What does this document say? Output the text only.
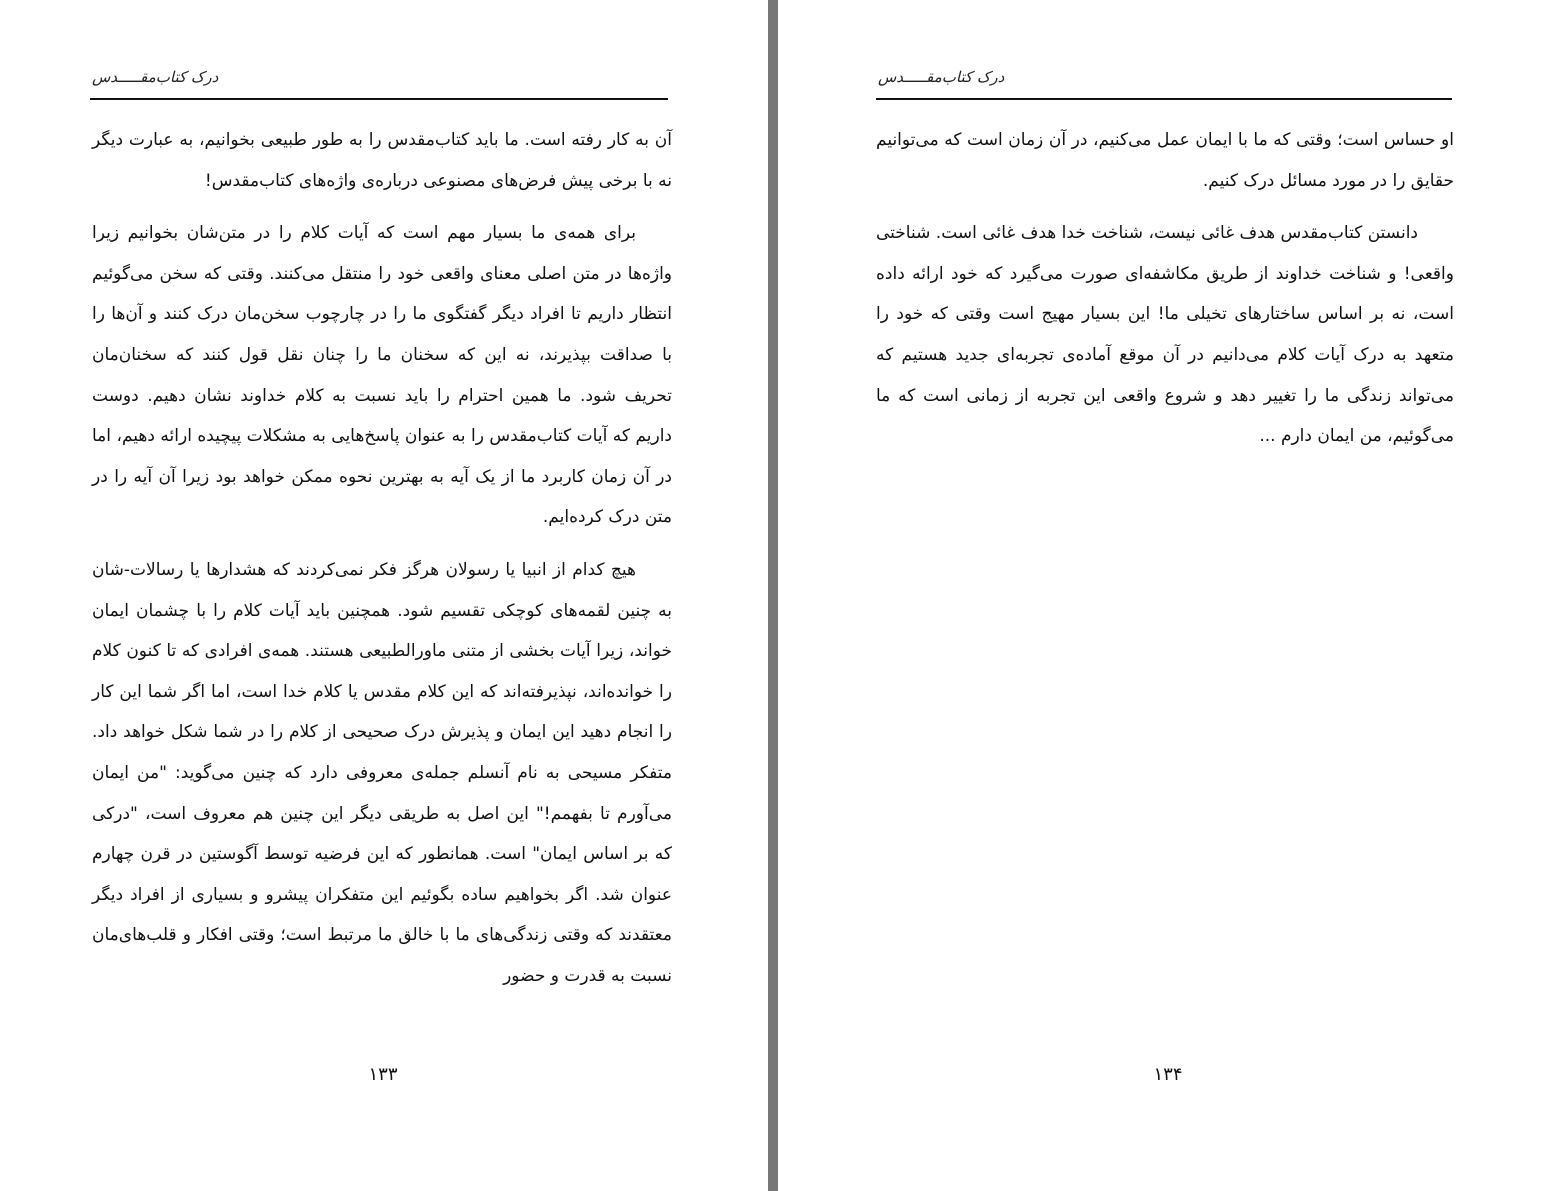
درک کتاب‌مقـــــدس

آن به کار رفته است. ما باید کتاب‌مقدس را به طور طبیعی بخوانیم، به عبارت دیگر نه با برخی پیش فرض‌های مصنوعی درباره‌ی واژه‌های کتاب‌مقدس!

برای همه‌ی ما بسیار مهم است که آیات کلام را در متن‌شان بخوانیم زیرا واژه‌ها در متن اصلی معنای واقعی خود را منتقل می‌کنند. وقتی که سخن می‌گوئیم انتظار داریم تا افراد دیگر گفتگوی ما را در چارچوب سخن‌مان درک کنند و آن‌ها را با صداقت بپذیرند، نه این که سخنان ما را چنان نقل قول کنند که سخنان‌مان تحریف شود. ما همین احترام را باید نسبت به کلام خداوند نشان دهیم. دوست داریم که آیات کتاب‌مقدس را به عنوان پاسخ‌هایی به مشکلات پیچیده ارائه دهیم، اما در آن زمان کاربرد ما از یک آیه به بهترین نحوه ممکن خواهد بود زیرا آن آیه را در متن درک کرده‌ایم.

هیچ کدام از انبیا یا رسولان هرگز فکر نمی‌کردند که هشدارها یا رسالات-شان به چنین لقمه‌های کوچکی تقسیم شود. همچنین باید آیات کلام را با چشمان ایمان خواند، زیرا آیات بخشی از متنی ماورالطبیعی هستند. همه‌ی افرادی که تا کنون کلام را خوانده‌اند، نپذیرفته‌اند که این کلام مقدس یا کلام خدا است، اما اگر شما این کار را انجام دهید این ایمان و پذیرش درک صحیحی از کلام را در شما شکل خواهد داد. متفکر مسیحی به نام آنسلم جمله‌ی معروفی دارد که چنین می‌گوید: "من ایمان می‌آورم تا بفهمم!" این اصل به طریقی دیگر این چنین هم معروف است، "درکی که بر اساس ایمان" است. همانطور که این فرضیه توسط آگوستین در قرن چهارم عنوان شد. اگر بخواهیم ساده بگوئیم این متفکران پیشرو و بسیاری از افراد دیگر معتقدند که وقتی زندگی‌های ما با خالق ما مرتبط است؛ وقتی افکار و قلب‌های‌مان نسبت به قدرت و حضور

۱۳۳
درک کتاب‌مقـــــدس

او حساس است؛ وقتی که ما با ایمان عمل می‌کنیم، در آن زمان است که می‌توانیم حقایق را در مورد مسائل درک کنیم.

دانستن کتاب‌مقدس هدف غائی نیست، شناخت خدا هدف غائی است. شناختی واقعی! و شناخت خداوند از طریق مکاشفه‌ای صورت می‌گیرد که خود ارائه داده است، نه بر اساس ساختارهای تخیلی ما! این بسیار مهیج است وقتی که خود را متعهد به درک آیات کلام می‌دانیم در آن موقع آماده‌ی تجربه‌ای جدید هستیم که می‌تواند زندگی ما را تغییر دهد و شروع واقعی این تجربه از زمانی است که ما می‌گوئیم، من ایمان دارم ...

۱۳۴
